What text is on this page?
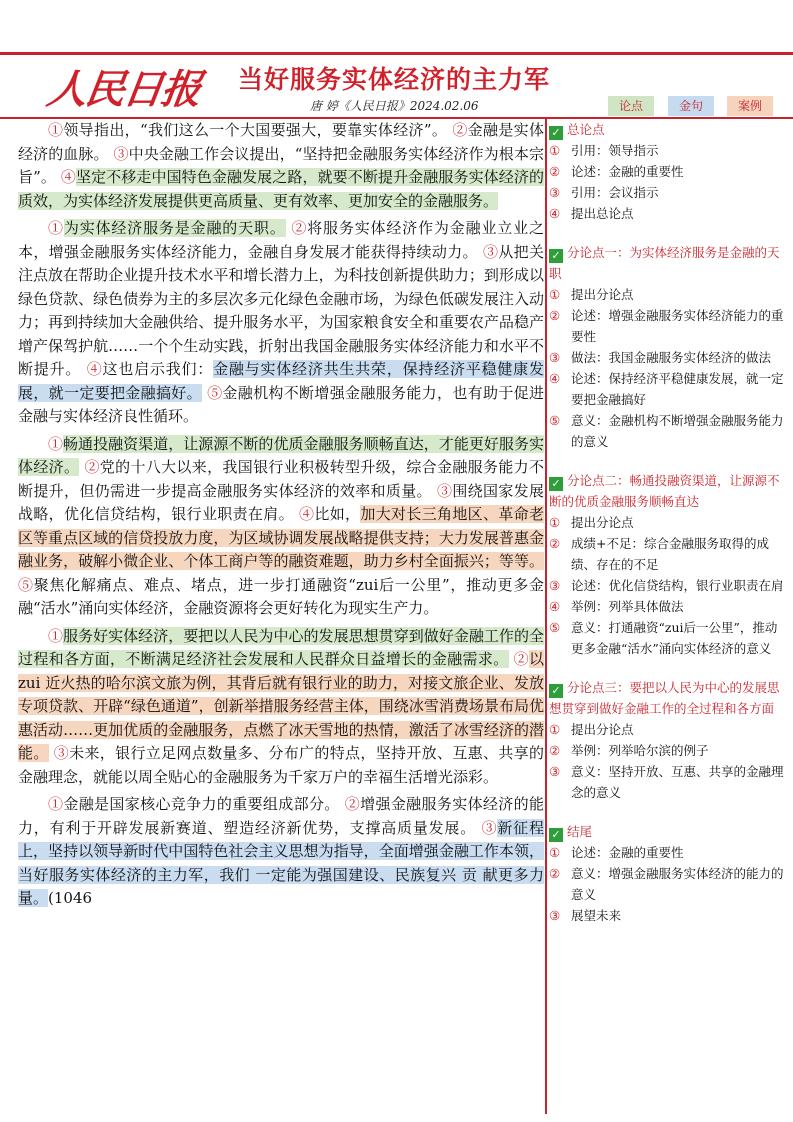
人民日报	当好服务实体经济的主力军
唐 婷《人民日报》2024.02.06	论点	金句	案例

①领导指出，“我们这么一个大国要强大，要靠实体经济”。 ②金融是实体经济的血脉。 ③中央金融工作会议提出，“坚持把金融服务实体经济作为根本宗旨”。 ④坚定不移走中国特色金融发展之路，就要不断提升金融服务实体经济的质效，为实体经济发展提供更高质量、更有效率、更加安全的金融服务。

①为实体经济服务是金融的天职。 ②将服务实体经济作为金融业立业之本，增强金融服务实体经济能力，金融自身发展才能获得持续动力。 ③从把关注点放在帮助企业提升技术水平和增长潜力上，为科技创新提供助力；到形成以绿色贷款、绿色债券为主的多层次多元化绿色金融市场，为绿色低碳发展注入动力；再到持续加大金融供给、提升服务水平，为国家粮食安全和重要农产品稳产增产保驾护航……一个个生动实践，折射出我国金融服务实体经济能力和水平不断提升。 ④这也启示我们：金融与实体经济共生共荣，保持经济平稳健康发展，就一定要把金融搞好。 ⑤金融机构不断增强金融服务能力，也有助于促进金融与实体经济良性循环。

①畅通投融资渠道，让源源不断的优质金融服务顺畅直达，才能更好服务实体经济。 ②党的十八大以来，我国银行业积极转型升级，综合金融服务能力不断提升，但仍需进一步提高金融服务实体经济的效率和质量。 ③围绕国家发展战略，优化信贷结构，银行业职责在肩。 ④比如，加大对长三角地区、革命老区等重点区域的信贷投放力度，为区域协调发展战略提供支持；大力发展普惠金融业务，破解小微企业、个体工商户等的融资难题，助力乡村全面振兴；等等。 ⑤聚焦化解痛点、难点、堵点，进一步打通融资“zui后一公里”，推动更多金融“活水”涌向实体经济，金融资源将会更好转化为现实生产力。

①服务好实体经济，要把以人民为中心的发展思想贯穿到做好金融工作的全过程和各方面，不断满足经济社会发展和人民群众日益增长的金融需求。 ②以 zui 近火热的哈尔滨文旅为例，其背后就有银行业的助力，对接文旅企业、发放专项贷款、开辟“绿色通道”，创新举措服务经营主体，围绕冰雪消费场景布局优惠活动……更加优质的金融服务，点燃了冰天雪地的热情，激活了冰雪经济的潜能。 ③未来，银行立足网点数量多、分布广的特点，坚持开放、互惠、共享的金融理念，就能以周全贴心的金融服务为千家万户的幸福生活增光添彩。

①金融是国家核心竞争力的重要组成部分。 ②增强金融服务实体经济的能力，有利于开辟发展新赛道、塑造经济新优势，支撑高质量发展。 ③新征程上，坚持以领导新时代中国特色社会主义思想为指导，全面增强金融工作本领，当好服务实体经济的主力军，我们 一定能为强国建设、民族复兴 贡 献更多力量。(1046

✓ 总论点
① 引用：领导指示
② 论述：金融的重要性
③ 引用：会议指示
④ 提出总论点
✓ 分论点一：为实体经济服务是金融的天职
① 提出分论点
② 论述：增强金融服务实体经济能力的重要性
③ 做法：我国金融服务实体经济的做法
④ 论述：保持经济平稳健康发展，就一定要把金融搞好
⑤ 意义：金融机构不断增强金融服务能力的意义
✓ 分论点二：畅通投融资渠道，让源源不断的优质金融服务顺畅直达
① 提出分论点
② 成绩+不足：综合金融服务取得的成绩、存在的不足
③ 论述：优化信贷结构，银行业职责在肩
④ 举例：列举具体做法
⑤ 意义：打通融资“zui后一公里”，推动更多金融“活水”涌向实体经济的意义
✓ 分论点三：要把以人民为中心的发展思想贯穿到做好金融工作的全过程和各方面
① 提出分论点
② 举例：列举哈尔滨的例子
③ 意义：坚持开放、互惠、共享的金融理念的意义
✓ 结尾
① 论述：金融的重要性
② 意义：增强金融服务实体经济的能力的意义
③ 展望未来
